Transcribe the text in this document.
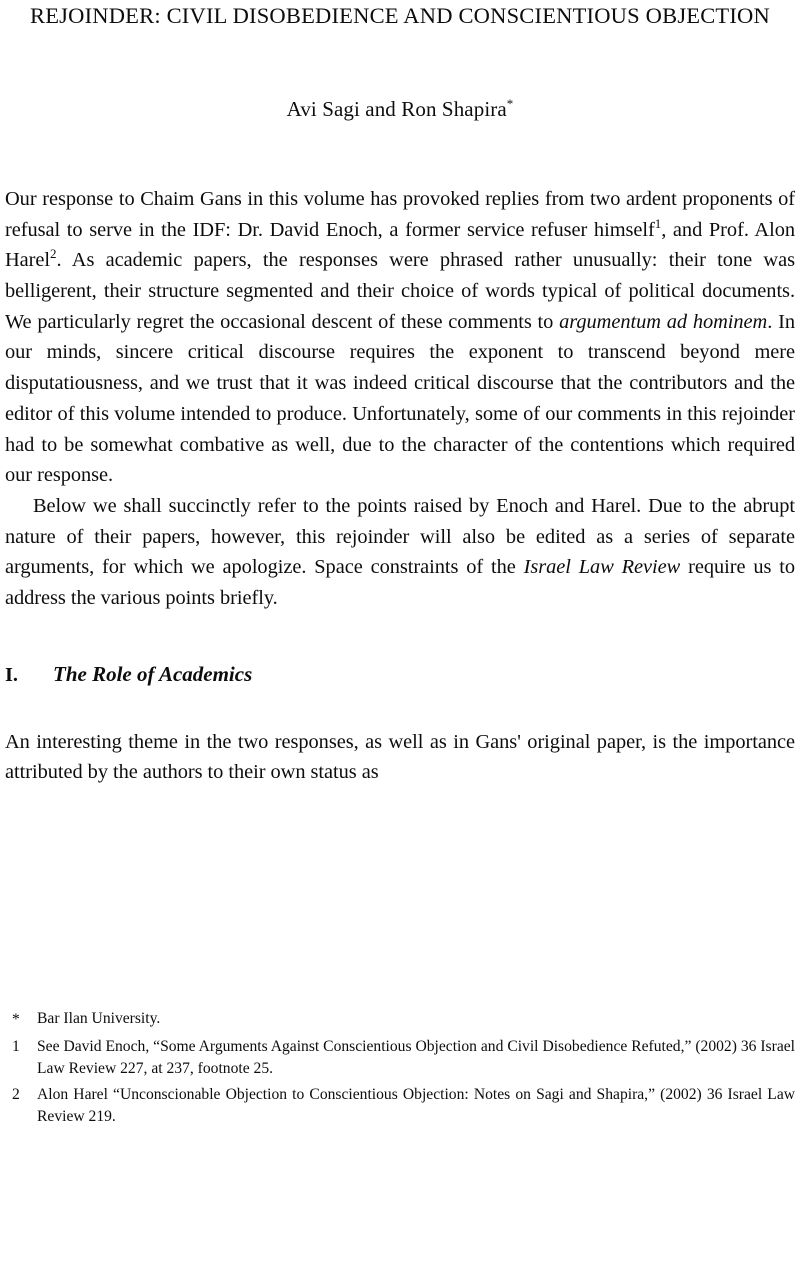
REJOINDER: CIVIL DISOBEDIENCE AND CONSCIENTIOUS OBJECTION

Avi Sagi and Ron Shapira*

Our response to Chaim Gans in this volume has provoked replies from two ardent proponents of refusal to serve in the IDF: Dr. David Enoch, a former service refuser himself$^1$, and Prof. Alon Harel$^2$. As academic papers, the responses were phrased rather unusually: their tone was belligerent, their structure segmented and their choice of words typical of political documents. We particularly regret the occasional descent of these comments to argumentum ad hominem. In our minds, sincere critical discourse requires the exponent to transcend beyond mere disputatiousness, and we trust that it was indeed critical discourse that the contributors and the editor of this volume intended to produce. Unfortunately, some of our comments in this rejoinder had to be somewhat combative as well, due to the character of the contentions which required our response.

Below we shall succinctly refer to the points raised by Enoch and Harel. Due to the abrupt nature of their papers, however, this rejoinder will also be edited as a series of separate arguments, for which we apologize. Space constraints of the Israel Law Review require us to address the various points briefly.

I.	The Role of Academics

An interesting theme in the two responses, as well as in Gans' original paper, is the importance attributed by the authors to their own status as

*	Bar Ilan University.
1	See David Enoch, “Some Arguments Against Conscientious Objection and Civil Disobedience Refuted,” (2002) 36 Israel Law Review 227, at 237, footnote 25.
2	Alon Harel “Unconscionable Objection to Conscientious Objection: Notes on Sagi and Shapira,” (2002) 36 Israel Law Review 219.
